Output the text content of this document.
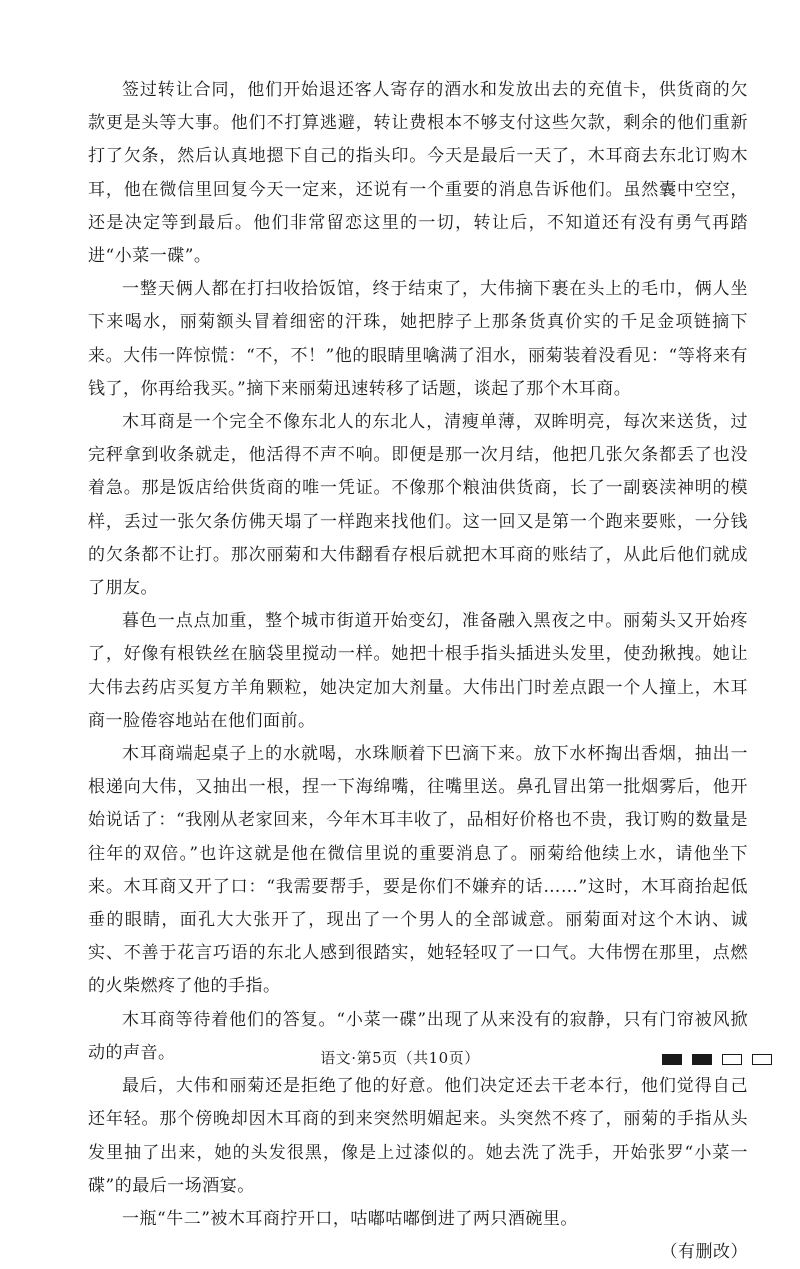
签过转让合同，他们开始退还客人寄存的酒水和发放出去的充值卡，供货商的欠款更是头等大事。他们不打算逃避，转让费根本不够支付这些欠款，剩余的他们重新打了欠条，然后认真地摁下自己的指头印。今天是最后一天了，木耳商去东北订购木耳，他在微信里回复今天一定来，还说有一个重要的消息告诉他们。虽然囊中空空，还是决定等到最后。他们非常留恋这里的一切，转让后，不知道还有没有勇气再踏进“小菜一碟”。

一整天俩人都在打扫收拾饭馆，终于结束了，大伟摘下裹在头上的毛巾，俩人坐下来喝水，丽菊额头冒着细密的汗珠，她把脖子上那条货真价实的千足金项链摘下来。大伟一阵惊慌：“不，不！”他的眼睛里噙满了泪水，丽菊装着没看见：“等将来有钱了，你再给我买。”摘下来丽菊迅速转移了话题，谈起了那个木耳商。

木耳商是一个完全不像东北人的东北人，清瘦单薄，双眸明亮，每次来送货，过完秤拿到收条就走，他活得不声不响。即便是那一次月结，他把几张欠条都丢了也没着急。那是饭店给供货商的唯一凭证。不像那个粮油供货商，长了一副亵渎神明的模样，丢过一张欠条仿佛天塌了一样跑来找他们。这一回又是第一个跑来要账，一分钱的欠条都不让打。那次丽菊和大伟翻看存根后就把木耳商的账结了，从此后他们就成了朋友。

暮色一点点加重，整个城市街道开始变幻，准备融入黑夜之中。丽菊头又开始疼了，好像有根铁丝在脑袋里搅动一样。她把十根手指头插进头发里，使劲揪拽。她让大伟去药店买复方羊角颗粒，她决定加大剂量。大伟出门时差点跟一个人撞上，木耳商一脸倦容地站在他们面前。

木耳商端起桌子上的水就喝，水珠顺着下巴滴下来。放下水杯掏出香烟，抽出一根递向大伟，又抽出一根，捏一下海绵嘴，往嘴里送。鼻孔冒出第一批烟雾后，他开始说话了：“我刚从老家回来，今年木耳丰收了，品相好价格也不贵，我订购的数量是往年的双倍。”也许这就是他在微信里说的重要消息了。丽菊给他续上水，请他坐下来。木耳商又开了口：“我需要帮手，要是你们不嫌弃的话……”这时，木耳商抬起低垂的眼睛，面孔大大张开了，现出了一个男人的全部诚意。丽菊面对这个木讷、诚实、不善于花言巧语的东北人感到很踏实，她轻轻叹了一口气。大伟愣在那里，点燃的火柴燃疼了他的手指。

木耳商等待着他们的答复。“小菜一碟”出现了从来没有的寂静，只有门帘被风掀动的声音。

最后，大伟和丽菊还是拒绝了他的好意。他们决定还去干老本行，他们觉得自己还年轻。那个傍晚却因木耳商的到来突然明媚起来。头突然不疼了，丽菊的手指从头发里抽了出来，她的头发很黑，像是上过漆似的。她去洗了洗手，开始张罗“小菜一碟”的最后一场酒宴。

一瓶“牛二”被木耳商拧开口，咕嘟咕嘟倒进了两只酒碗里。

（有删改）

语文·第5页（共10页）
